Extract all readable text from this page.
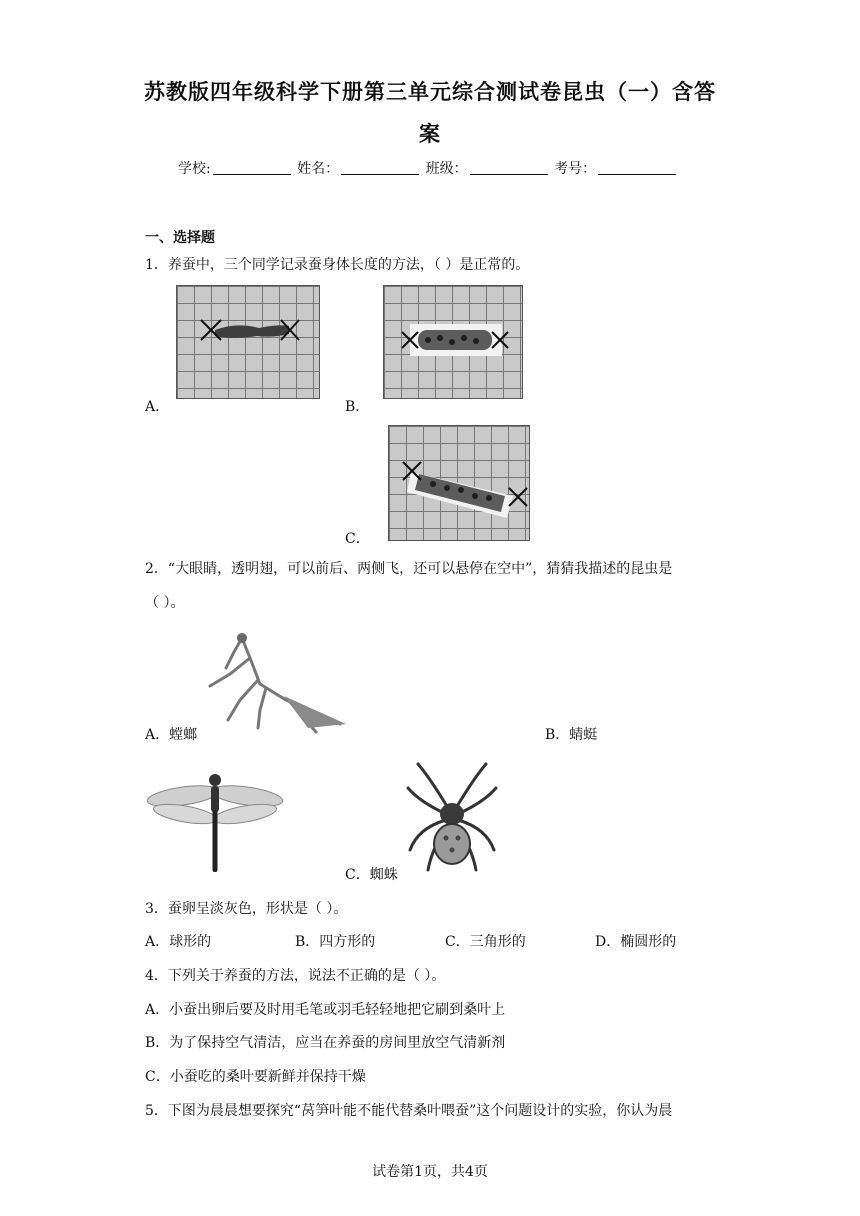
苏教版四年级科学下册第三单元综合测试卷昆虫（一）含答
案
学校:	姓名：	班级：	考号：
一、选择题
1．养蚕中，三个同学记录蚕身体长度的方法，（ ）是正常的。
A．	B．
C．
2．“大眼睛，透明翅，可以前后、两侧飞，还可以悬停在空中”，猜猜我描述的昆虫是
（ ）。
A．螳螂	B．蜻蜓
C．蜘蛛
3．蚕卵呈淡灰色，形状是（ ）。
A．球形的	B．四方形的	C．三角形的	D．椭圆形的
4．下列关于养蚕的方法，说法不正确的是（ ）。
A．小蚕出卵后要及时用毛笔或羽毛轻轻地把它刷到桑叶上
B．为了保持空气清洁，应当在养蚕的房间里放空气清新剂
C．小蚕吃的桑叶要新鲜并保持干燥
5．下图为晨晨想要探究“莴笋叶能不能代替桑叶喂蚕”这个问题设计的实验，你认为晨
试卷第1页，共4页
